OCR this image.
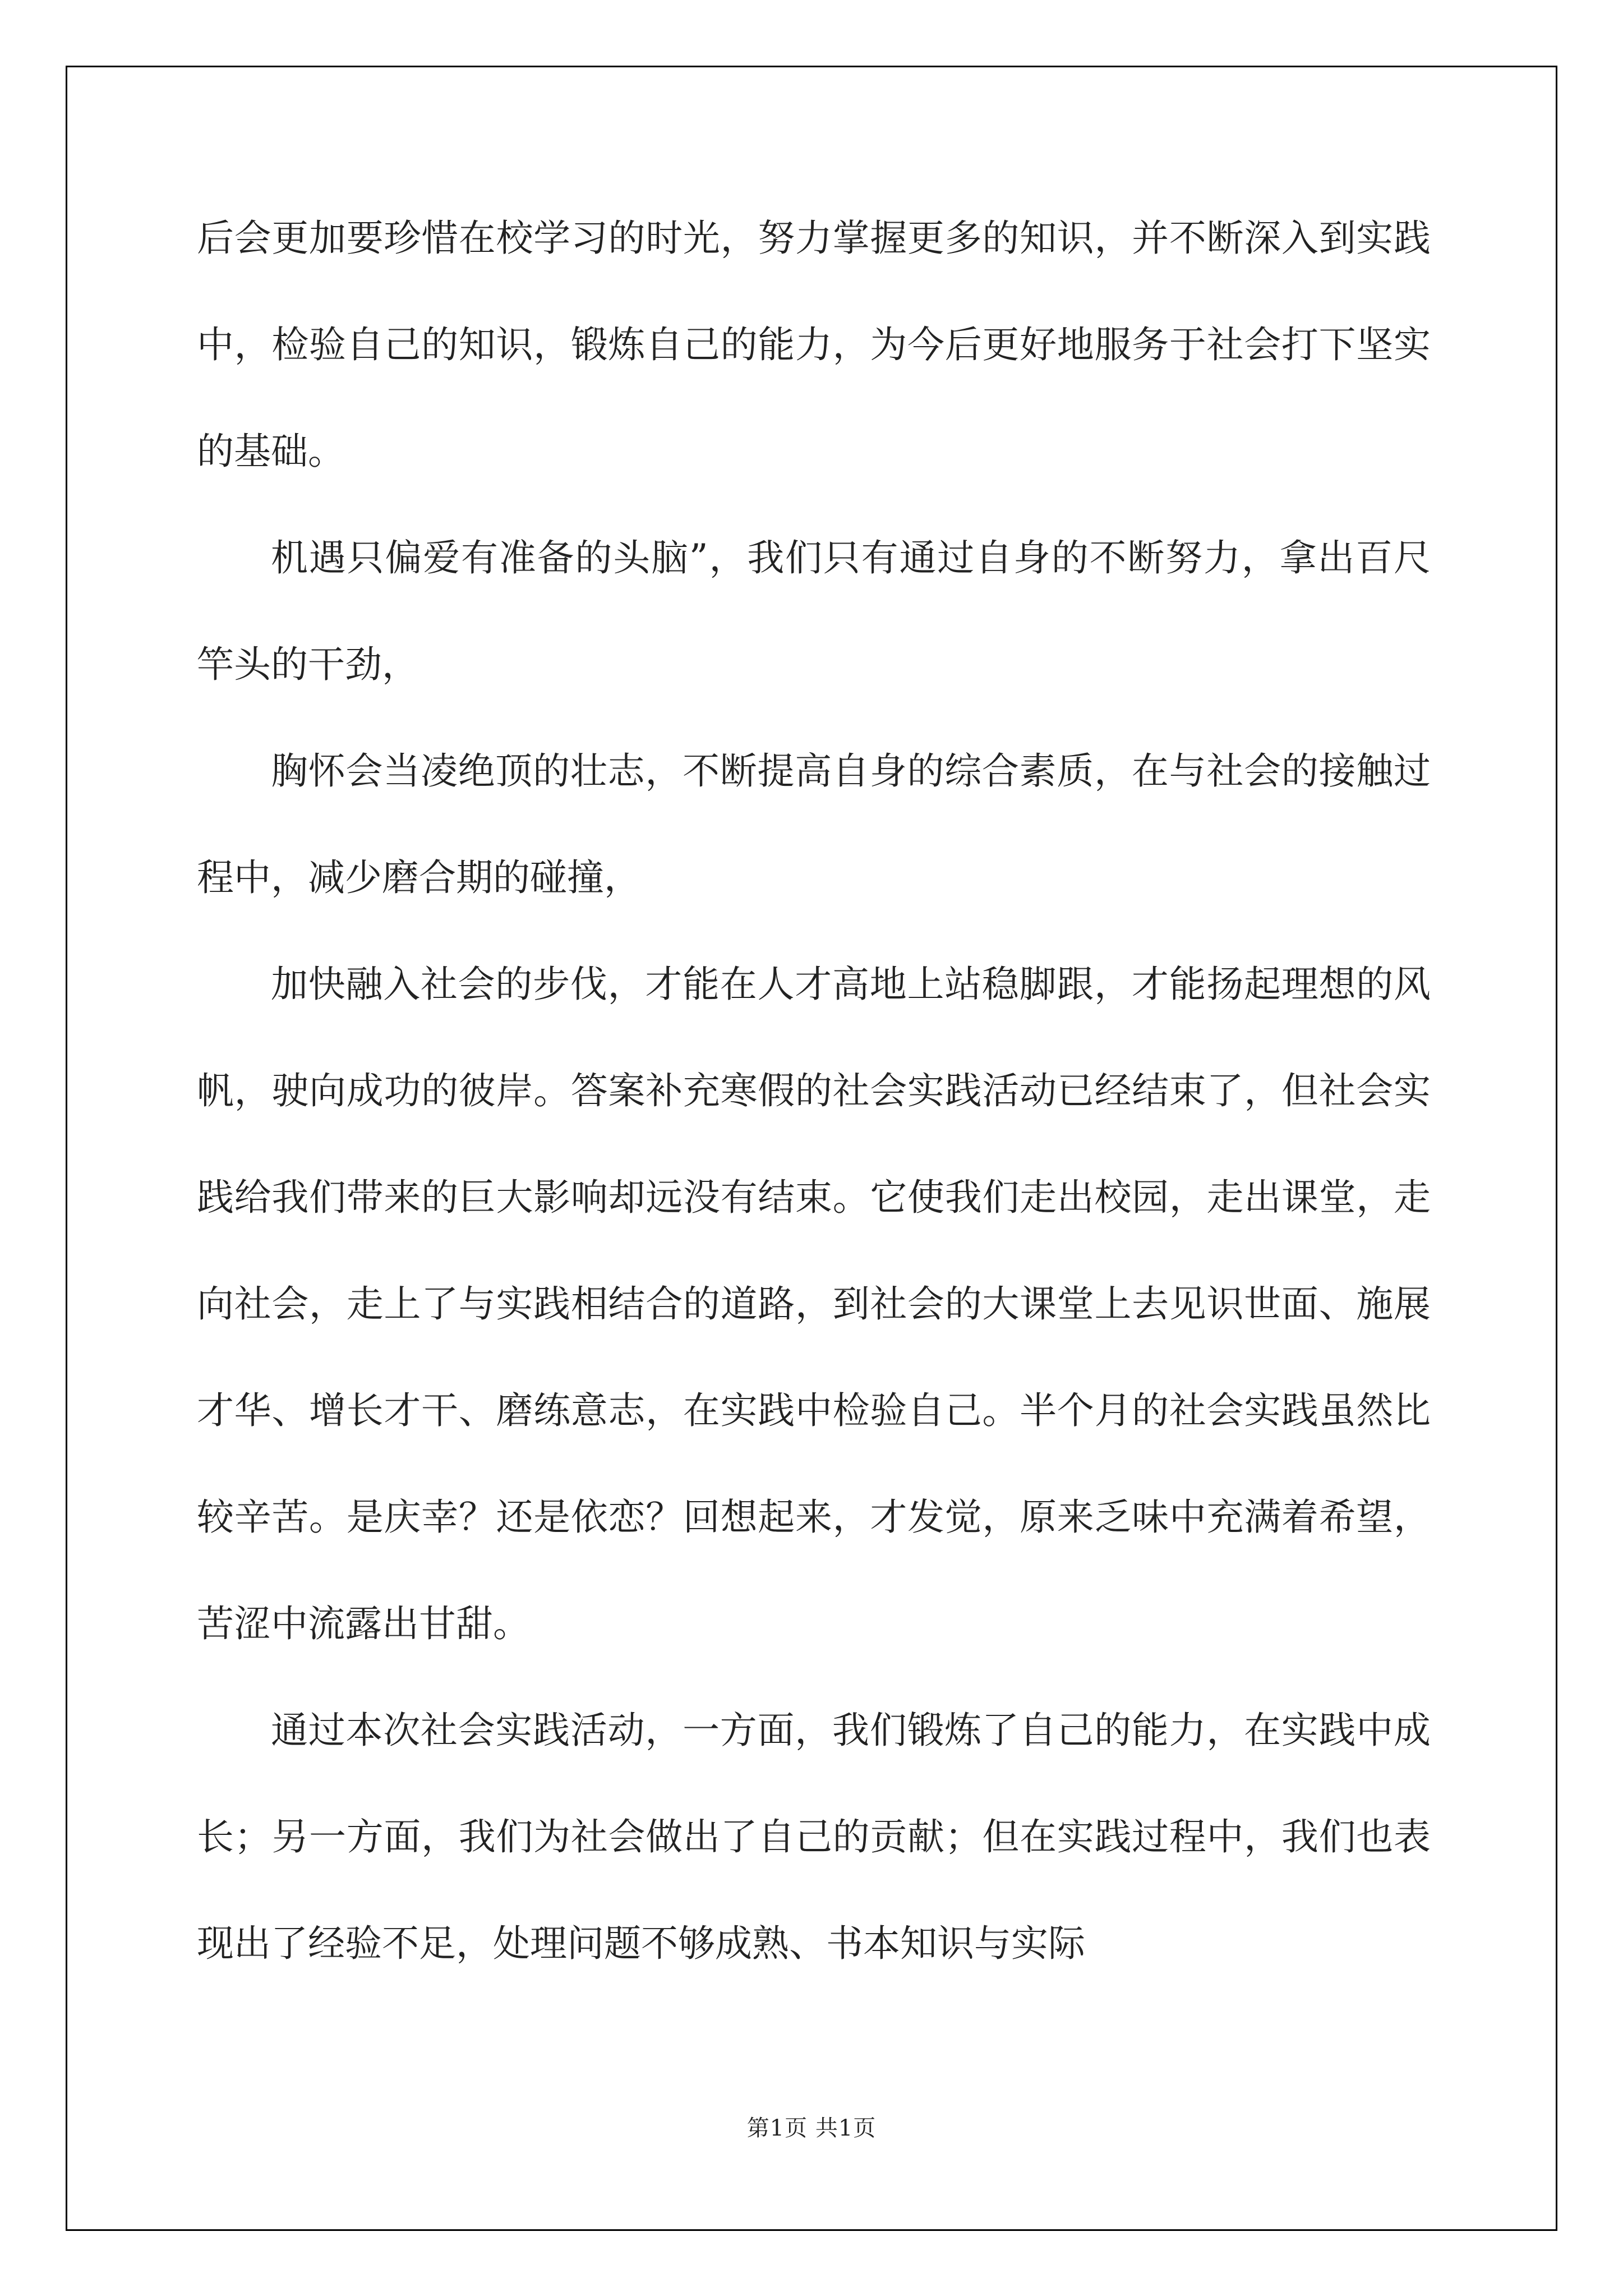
后会更加要珍惜在校学习的时光，努力掌握更多的知识，并不断深入到实践中，检验自己的知识，锻炼自己的能力，为今后更好地服务于社会打下坚实的基础。

机遇只偏爱有准备的头脑”，我们只有通过自身的不断努力，拿出百尺竿头的干劲，

胸怀会当凌绝顶的壮志，不断提高自身的综合素质，在与社会的接触过程中，减少磨合期的碰撞，

加快融入社会的步伐，才能在人才高地上站稳脚跟，才能扬起理想的风帆，驶向成功的彼岸。答案补充寒假的社会实践活动已经结束了，但社会实践给我们带来的巨大影响却远没有结束。它使我们走出校园，走出课堂，走向社会，走上了与实践相结合的道路，到社会的大课堂上去见识世面、施展才华、增长才干、磨练意志，在实践中检验自己。半个月的社会实践虽然比较辛苦。是庆幸？还是依恋？回想起来，才发觉，原来乏味中充满着希望，苦涩中流露出甘甜。

通过本次社会实践活动，一方面，我们锻炼了自己的能力，在实践中成长；另一方面，我们为社会做出了自己的贡献；但在实践过程中，我们也表现出了经验不足，处理问题不够成熟、书本知识与实际

第1页 共1页
